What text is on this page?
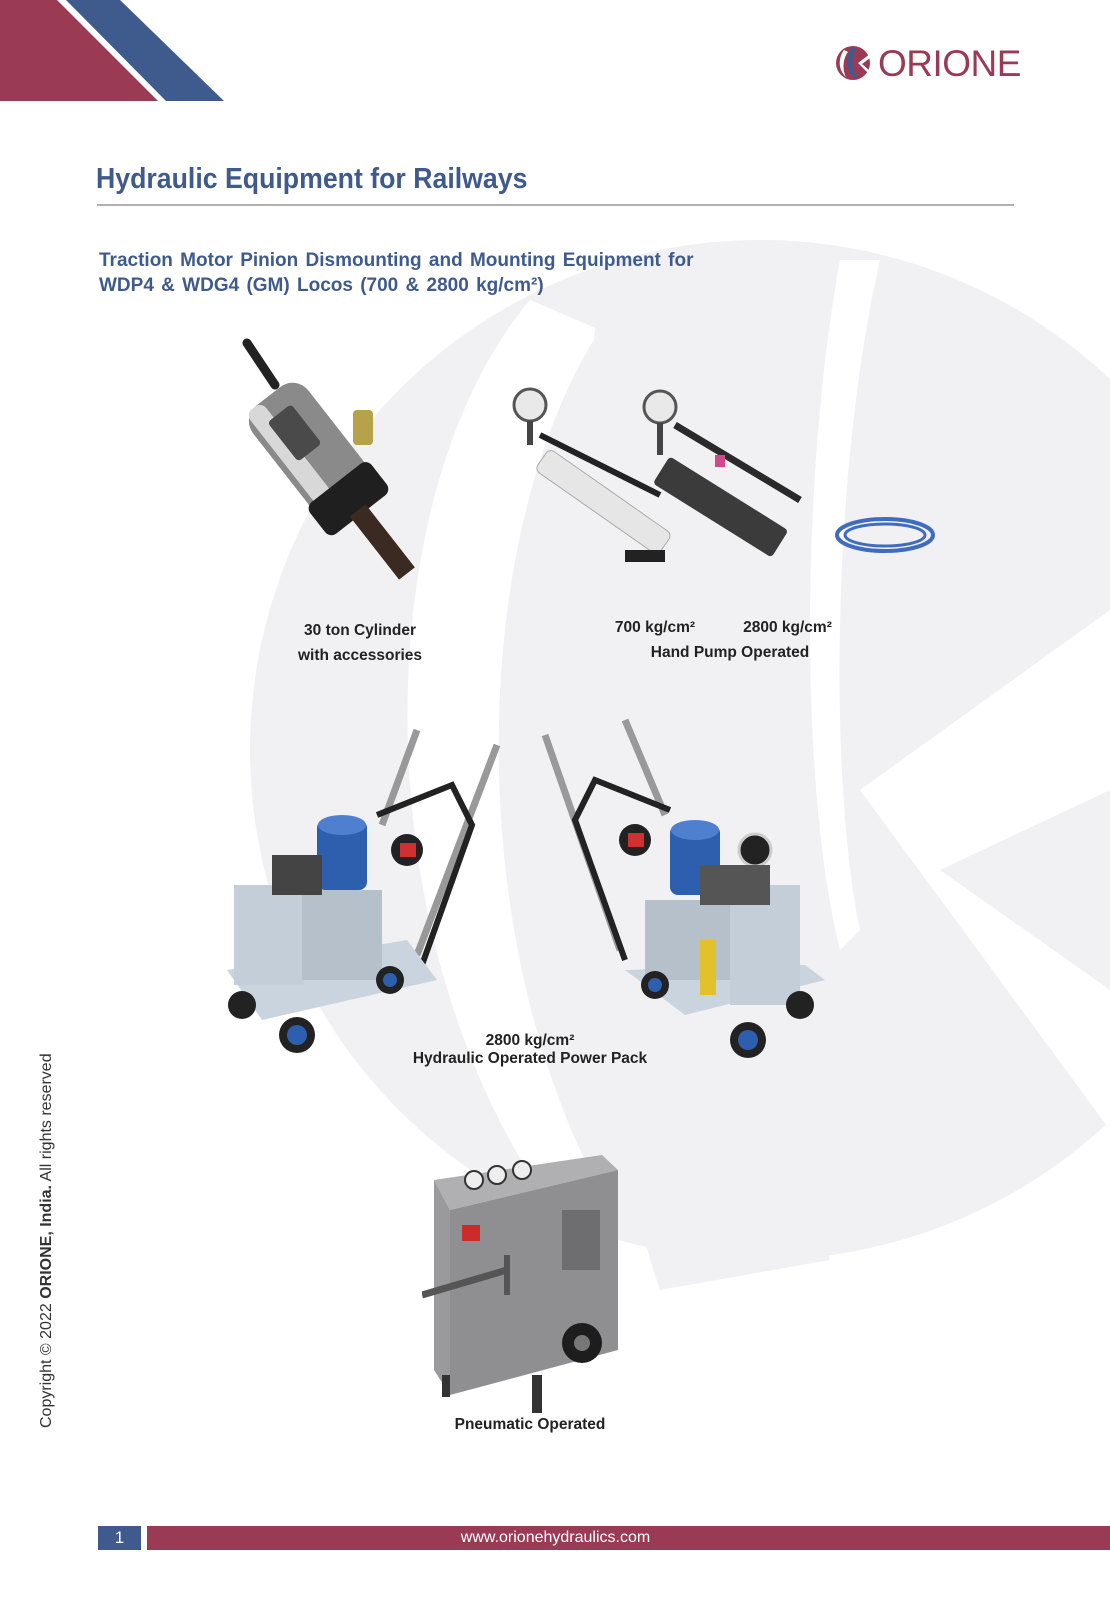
ORIONE
Hydraulic Equipment for Railways
Traction Motor Pinion Dismounting and Mounting Equipment for
WDP4 & WDG4 (GM) Locos (700 & 2800 kg/cm²)
30 ton Cylinder
with accessories
700 kg/cm²	2800 kg/cm²
Hand Pump Operated
2800 kg/cm²
Hydraulic Operated Power Pack
Pneumatic Operated
Copyright © 2022 ORIONE, India. All rights reserved
1	www.orionehydraulics.com
